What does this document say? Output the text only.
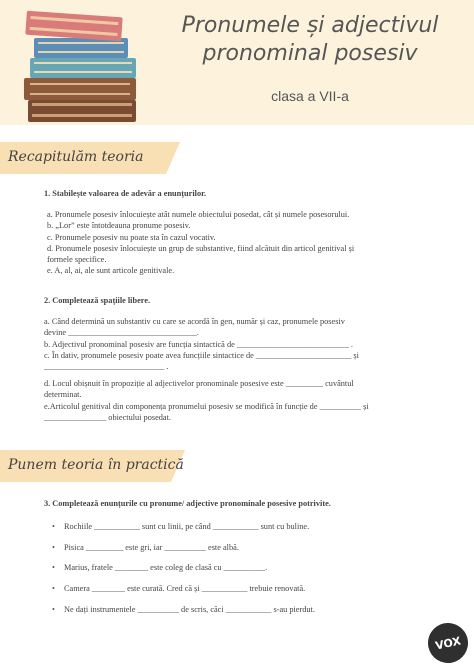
Pronumele și adjectivul
pronominal posesiv
clasa a VII-a
Recapitulăm teoria
1. Stabilește valoarea de adevăr a enunțurilor.
a. Pronumele posesiv înlocuiește atât numele obiectului posedat, cât și numele posesorului.
b. „Lor” este întotdeauna pronume posesiv.
c. Pronumele posesiv nu poate sta în cazul vocativ.
d. Pronumele posesiv înlocuiește un grup de substantive, fiind alcătuit din articol genitival și
formele specifice.
e. A, al, ai, ale sunt articole genitivale.
2. Completează spațiile libere.
a. Când determină un substantiv cu care se acordă în gen, număr și caz, pronumele posesiv
devine _______________________________.
b. Adjectivul pronominal posesiv are funcția sintactică de ___________________________ .
c. În dativ, pronumele posesiv poate avea funcțiile sintactice de _______________________ și
_____________________________ .
d. Locul obișnuit în propoziție al adjectivelor pronominale posesive este _________ cuvântul
determinat.
e.Articolul genitival din componența pronumelui posesiv se modifică în funcție de __________ și
_______________ obiectului posedat.
Punem teoria în practică
3. Completează enunțurile cu pronume/ adjective pronominale posesive potrivite.
• Rochiile ___________ sunt cu linii, pe când ___________ sunt cu buline.
• Pisica _________ este gri, iar __________ este albă.
• Marius, fratele ________ este coleg de clasă cu __________.
• Camera ________ este curată. Cred că și ___________ trebuie renovată.
• Ne dați instrumentele __________ de scris, căci ___________ s-au pierdut.
VOX
